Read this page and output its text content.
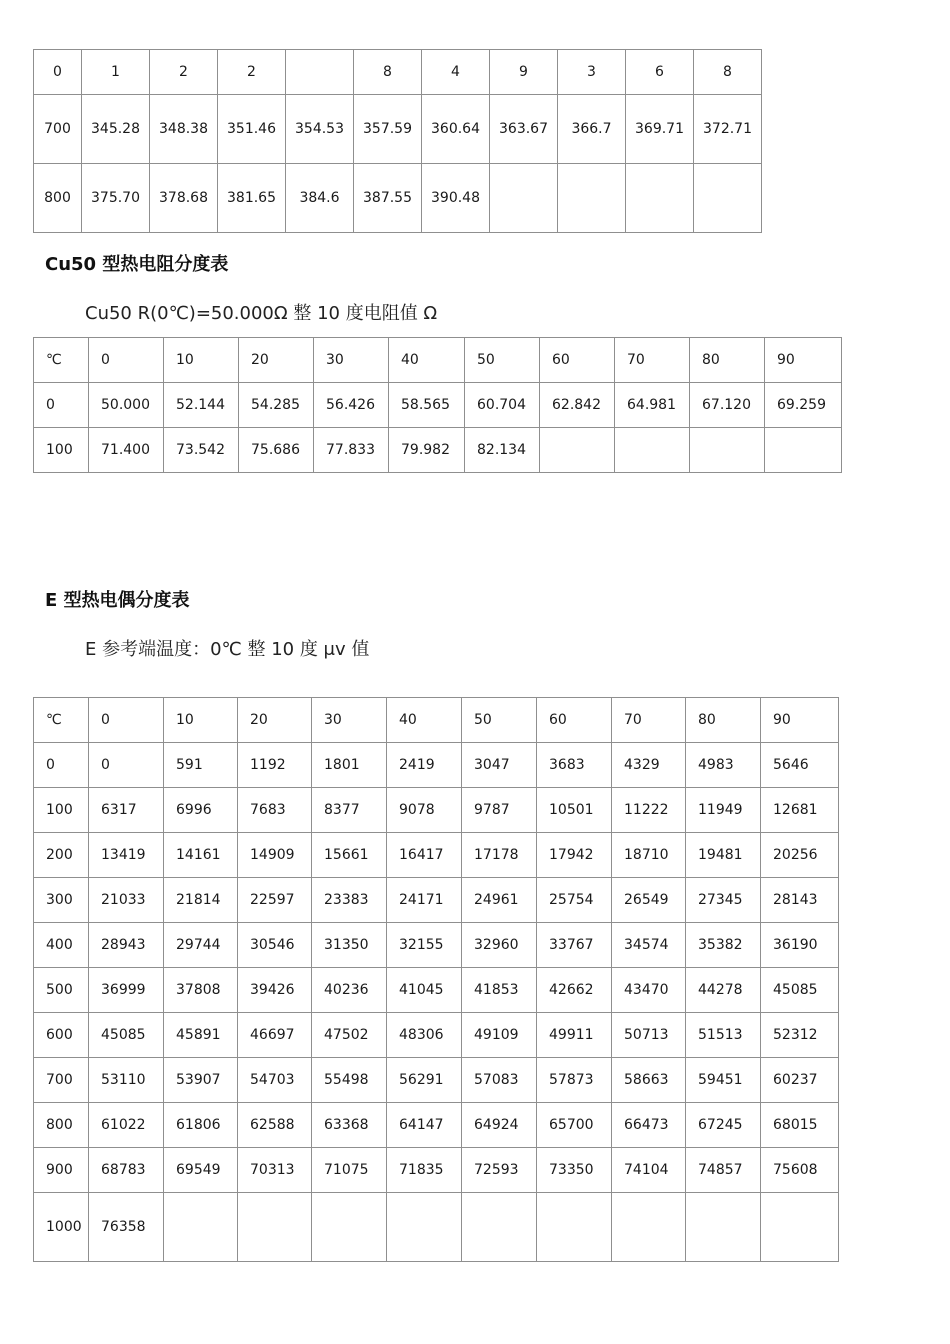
0	1	2	2		8	4	9	3	6	8
700	345.28	348.38	351.46	354.53	357.59	360.64	363.67	366.7	369.71	372.71
800	375.70	378.68	381.65	384.6	387.55	390.48				
Cu50 型热电阻分度表
Cu50 R(0℃)=50.000Ω 整 10 度电阻值 Ω
℃	0	10	20	30	40	50	60	70	80	90
0	50.000	52.144	54.285	56.426	58.565	60.704	62.842	64.981	67.120	69.259
100	71.400	73.542	75.686	77.833	79.982	82.134				
E 型热电偶分度表
E 参考端温度：0℃ 整 10 度 μv 值
℃	0	10	20	30	40	50	60	70	80	90
0	0	591	1192	1801	2419	3047	3683	4329	4983	5646
100	6317	6996	7683	8377	9078	9787	10501	11222	11949	12681
200	13419	14161	14909	15661	16417	17178	17942	18710	19481	20256
300	21033	21814	22597	23383	24171	24961	25754	26549	27345	28143
400	28943	29744	30546	31350	32155	32960	33767	34574	35382	36190
500	36999	37808	39426	40236	41045	41853	42662	43470	44278	45085
600	45085	45891	46697	47502	48306	49109	49911	50713	51513	52312
700	53110	53907	54703	55498	56291	57083	57873	58663	59451	60237
800	61022	61806	62588	63368	64147	64924	65700	66473	67245	68015
900	68783	69549	70313	71075	71835	72593	73350	74104	74857	75608
1000	76358									
